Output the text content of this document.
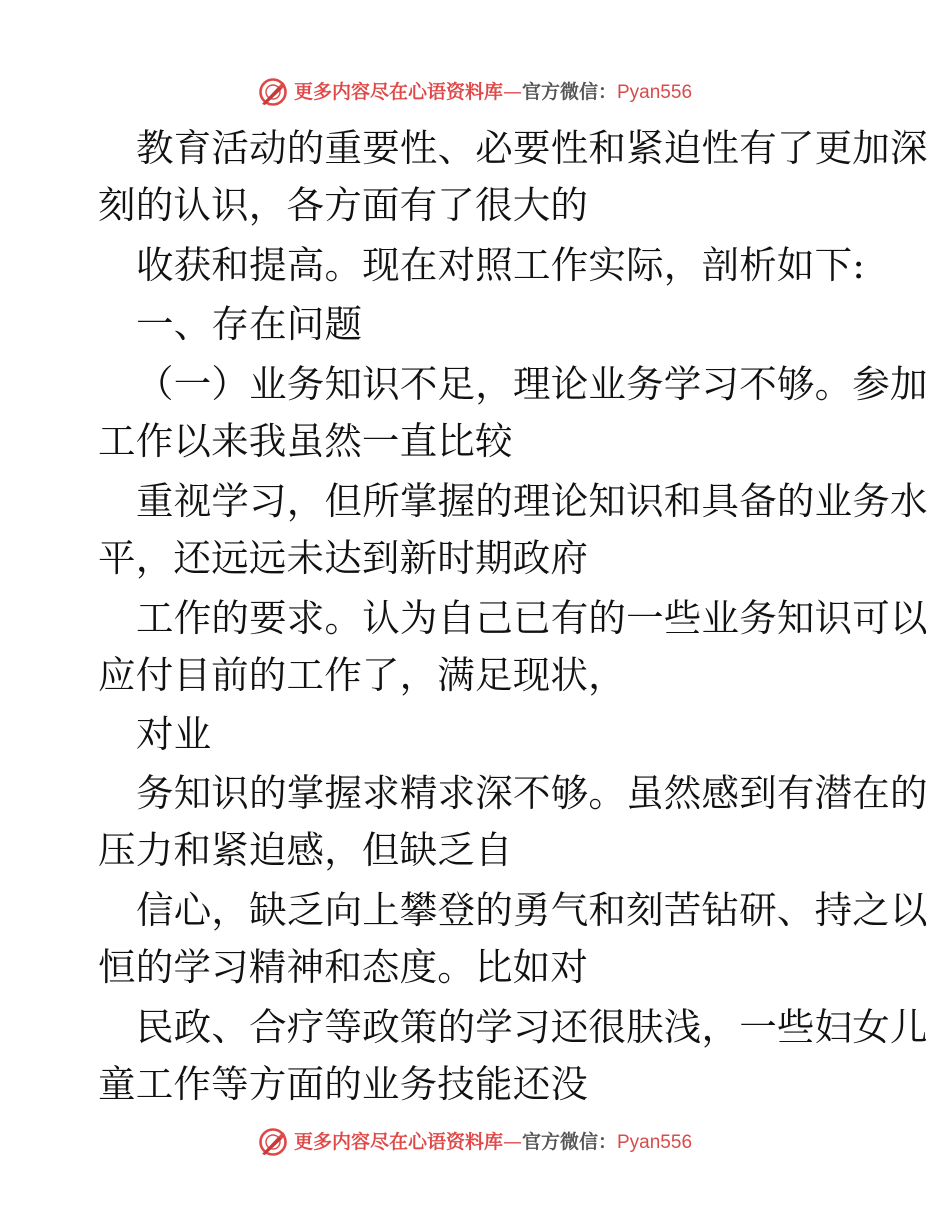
更多内容尽在心语资料库—官方微信：Pyan556
教育活动的重要性、必要性和紧迫性有了更加深
刻的认识，各方面有了很大的
收获和提高。现在对照工作实际，剖析如下:
一、存在问题
（一）业务知识不足，理论业务学习不够。参加
工作以来我虽然一直比较
重视学习，但所掌握的理论知识和具备的业务水
平，还远远未达到新时期政府
工作的要求。认为自己已有的一些业务知识可以
应付目前的工作了，满足现状，
对业
务知识的掌握求精求深不够。虽然感到有潜在的
压力和紧迫感，但缺乏自
信心，缺乏向上攀登的勇气和刻苦钻研、持之以
恒的学习精神和态度。比如对
民政、合疗等政策的学习还很肤浅，一些妇女儿
童工作等方面的业务技能还没
更多内容尽在心语资料库—官方微信：Pyan556
